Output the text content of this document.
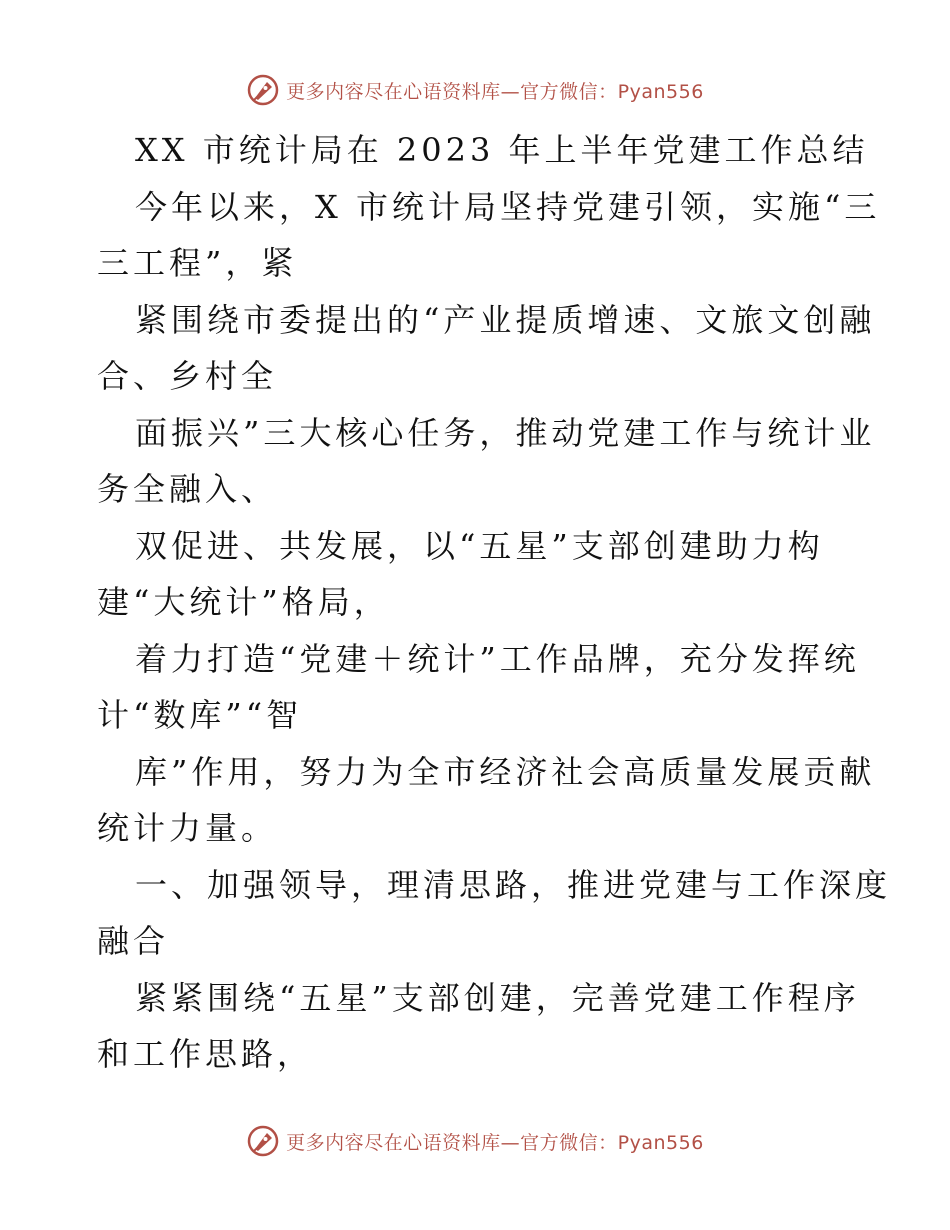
更多内容尽在心语资料库—官方微信：Pyan556
XX 市统计局在 2023 年上半年党建工作总结
今年以来，X 市统计局坚持党建引领，实施“三
三工程”，紧
紧围绕市委提出的“产业提质增速、文旅文创融
合、乡村全
面振兴”三大核心任务，推动党建工作与统计业
务全融入、
双促进、共发展，以“五星”支部创建助力构
建“大统计”格局，
着力打造“党建＋统计”工作品牌，充分发挥统
计“数库”“智
库”作用，努力为全市经济社会高质量发展贡献
统计力量。
一、加强领导，理清思路，推进党建与工作深度
融合
紧紧围绕“五星”支部创建，完善党建工作程序
和工作思路，
更多内容尽在心语资料库—官方微信：Pyan556
